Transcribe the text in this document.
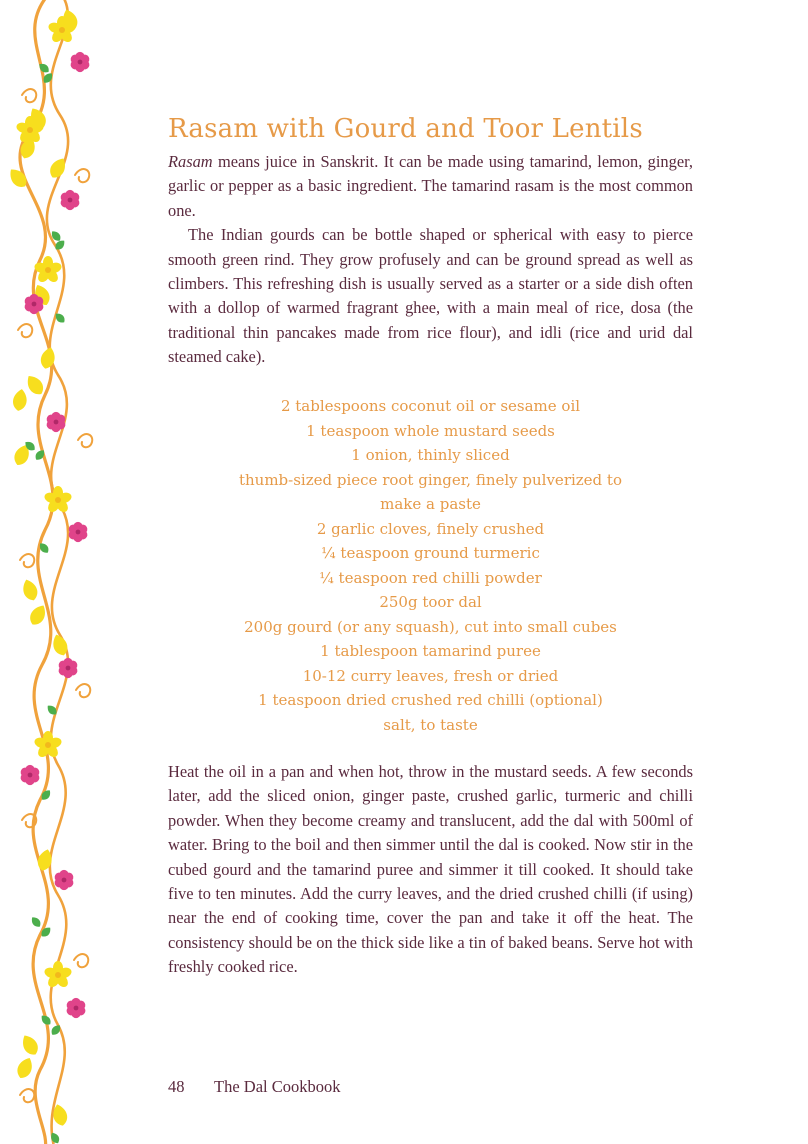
Rasam with Gourd and Toor Lentils

Rasam means juice in Sanskrit. It can be made using tamarind, lemon, ginger, garlic or pepper as a basic ingredient. The tamarind rasam is the most common one.

The Indian gourds can be bottle shaped or spherical with easy to pierce smooth green rind. They grow profusely and can be ground spread as well as climbers. This refreshing dish is usually served as a starter or a side dish often with a dollop of warmed fragrant ghee, with a main meal of rice, dosa (the traditional thin pancakes made from rice flour), and idli (rice and urid dal steamed cake).

2 tablespoons coconut oil or sesame oil
1 teaspoon whole mustard seeds
1 onion, thinly sliced
thumb-sized piece root ginger, finely pulverized to make a paste
2 garlic cloves, finely crushed
¼ teaspoon ground turmeric
¼ teaspoon red chilli powder
250g toor dal
200g gourd (or any squash), cut into small cubes
1 tablespoon tamarind puree
10-12 curry leaves, fresh or dried
1 teaspoon dried crushed red chilli (optional)
salt, to taste

Heat the oil in a pan and when hot, throw in the mustard seeds. A few seconds later, add the sliced onion, ginger paste, crushed garlic, turmeric and chilli powder. When they become creamy and translucent, add the dal with 500ml of water. Bring to the boil and then simmer until the dal is cooked. Now stir in the cubed gourd and the tamarind puree and simmer it till cooked. It should take five to ten minutes. Add the curry leaves, and the dried crushed chilli (if using) near the end of cooking time, cover the pan and take it off the heat. The consistency should be on the thick side like a tin of baked beans. Serve hot with freshly cooked rice.

48 The Dal Cookbook
